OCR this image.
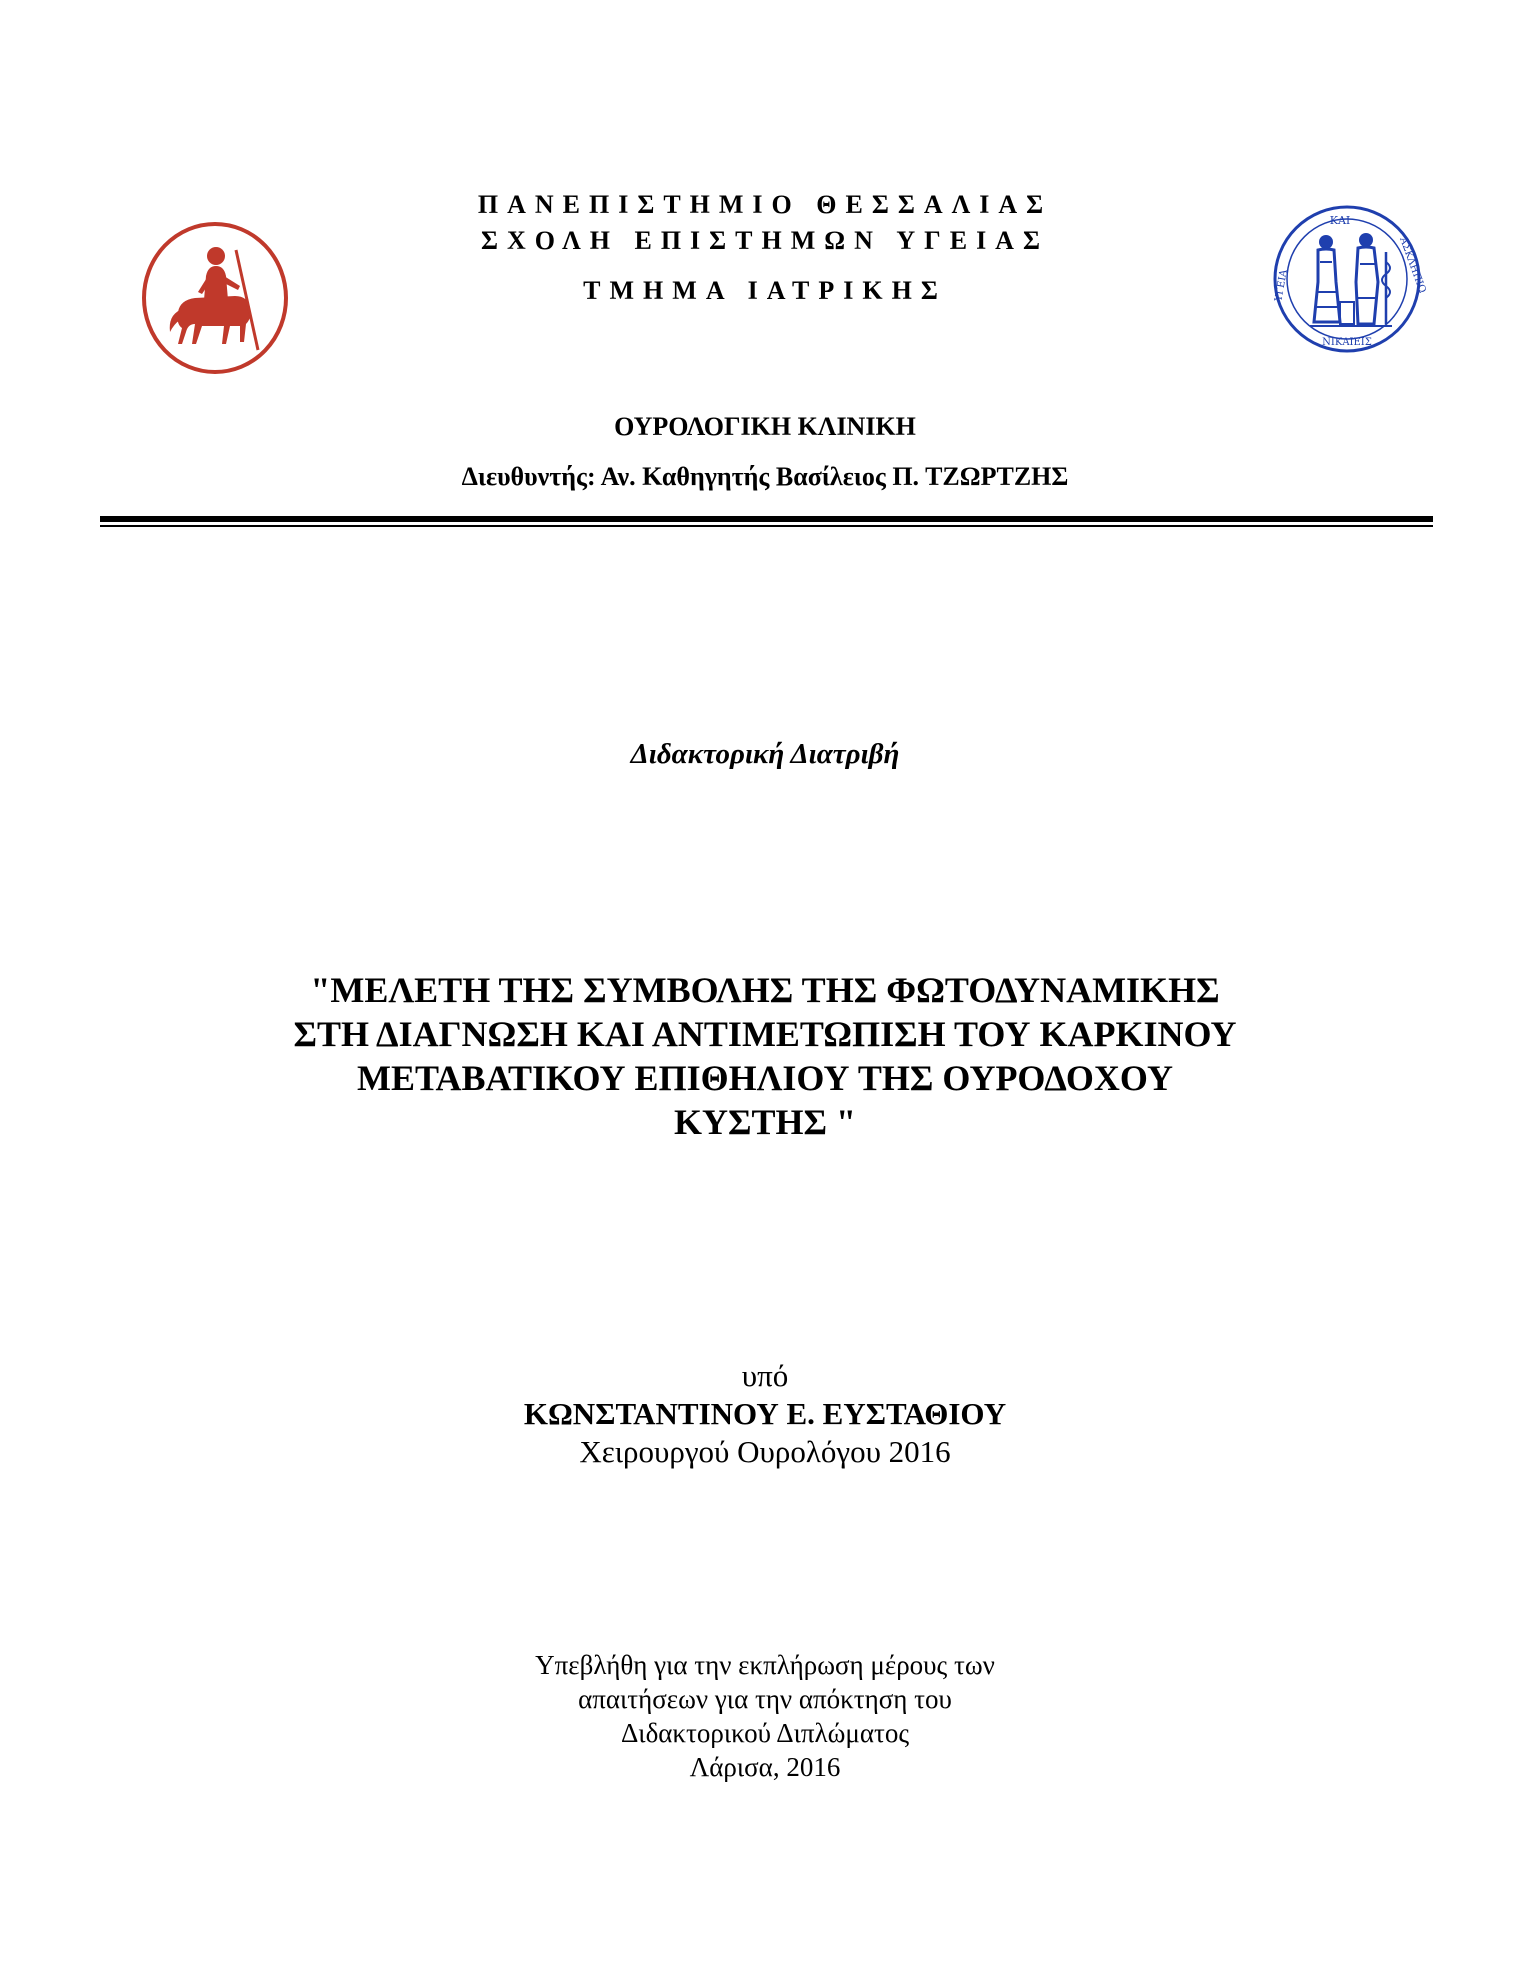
ΚΑΙ
ΥΓΕΙΑ	ΑΣΚΛΗΠΙΩ
ΝΙΚΑΙΕΙΣ
ΠΑΝΕΠΙΣΤΗΜΙΟ ΘΕΣΣΑΛΙΑΣ
ΣΧΟΛΗ ΕΠΙΣΤΗΜΩΝ ΥΓΕΙΑΣ
ΤΜΗΜΑ ΙΑΤΡΙΚΗΣ
ΟΥΡΟΛΟΓΙΚΗ ΚΛΙΝΙΚΗ
Διευθυντής: Αν. Καθηγητής Βασίλειος Π. ΤΖΩΡΤΖΗΣ
Διδακτορική Διατριβή
"ΜΕΛΕΤΗ ΤΗΣ ΣΥΜΒΟΛΗΣ ΤΗΣ ΦΩΤΟΔΥΝΑΜΙΚΗΣ
ΣΤΗ ΔΙΑΓΝΩΣΗ ΚΑΙ ΑΝΤΙΜΕΤΩΠΙΣΗ ΤΟΥ ΚΑΡΚΙΝΟΥ
ΜΕΤΑΒΑΤΙΚΟΥ ΕΠΙΘΗΛΙΟΥ ΤΗΣ ΟΥΡΟΔΟΧΟΥ
ΚΥΣΤΗΣ "
υπό
ΚΩΝΣΤΑΝΤΙΝΟΥ Ε. ΕΥΣΤΑΘΙΟΥ
Χειρουργού Ουρολόγου 2016
Υπεβλήθη για την εκπλήρωση μέρους των
απαιτήσεων για την απόκτηση του
Διδακτορικού Διπλώματος
Λάρισα, 2016
